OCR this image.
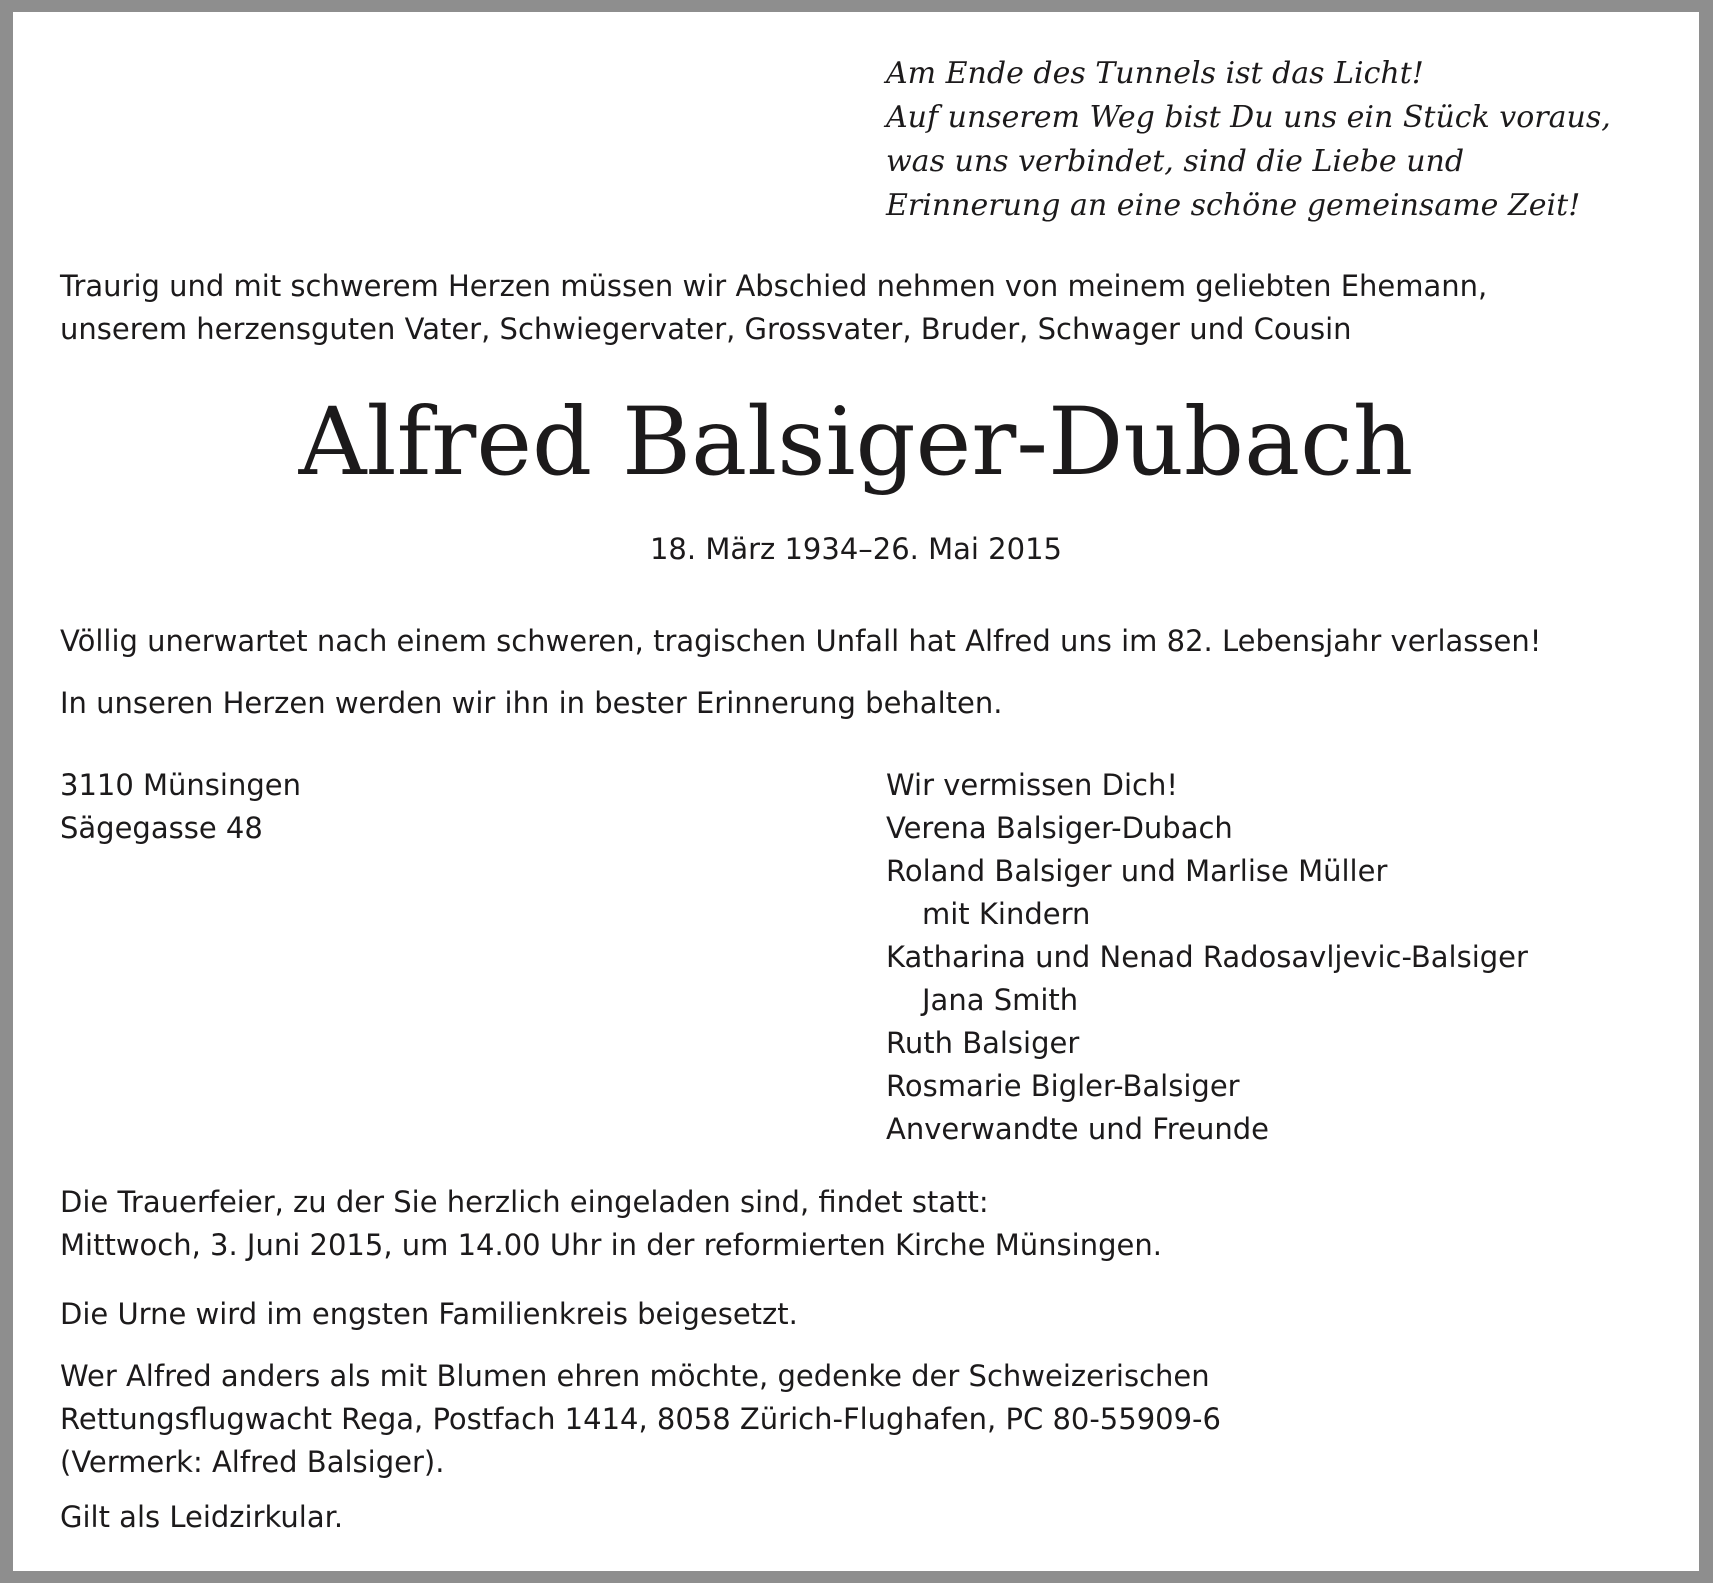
Am Ende des Tunnels ist das Licht!
Auf unserem Weg bist Du uns ein Stück voraus,
was uns verbindet, sind die Liebe und
Erinnerung an eine schöne gemeinsame Zeit!
Traurig und mit schwerem Herzen müssen wir Abschied nehmen von meinem geliebten Ehemann,
unserem herzensguten Vater, Schwiegervater, Grossvater, Bruder, Schwager und Cousin
Alfred Balsiger-Dubach
18. März 1934–26. Mai 2015
Völlig unerwartet nach einem schweren, tragischen Unfall hat Alfred uns im 82. Lebensjahr verlassen!
In unseren Herzen werden wir ihn in bester Erinnerung behalten.
3110 Münsingen
Sägegasse 48
Wir vermissen Dich!
Verena Balsiger-Dubach
Roland Balsiger und Marlise Müller
mit Kindern
Katharina und Nenad Radosavljevic-Balsiger
Jana Smith
Ruth Balsiger
Rosmarie Bigler-Balsiger
Anverwandte und Freunde
Die Trauerfeier, zu der Sie herzlich eingeladen sind, findet statt:
Mittwoch, 3. Juni 2015, um 14.00 Uhr in der reformierten Kirche Münsingen.
Die Urne wird im engsten Familienkreis beigesetzt.
Wer Alfred anders als mit Blumen ehren möchte, gedenke der Schweizerischen
Rettungsflugwacht Rega, Postfach 1414, 8058 Zürich-Flughafen, PC 80-55909-6
(Vermerk: Alfred Balsiger).
Gilt als Leidzirkular.
